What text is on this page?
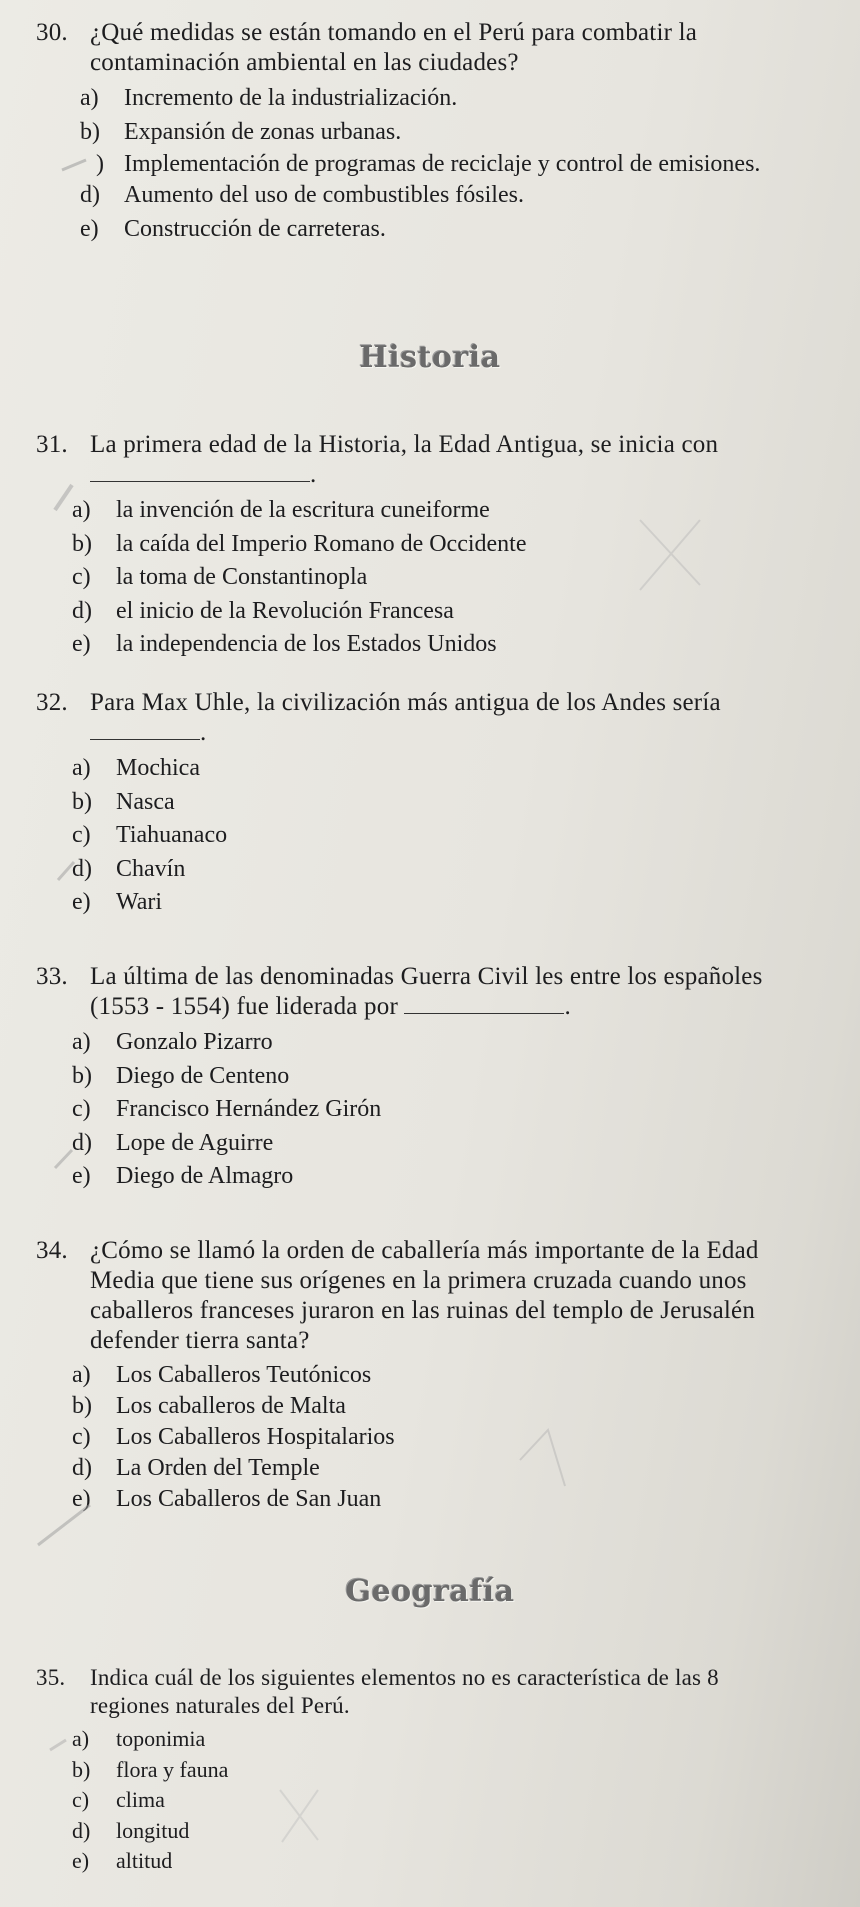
30. ¿Qué medidas se están tomando en el Perú para combatir la contaminación ambiental en las ciudades?
a) Incremento de la industrialización.
b) Expansión de zonas urbanas.
) Implementación de programas de reciclaje y control de emisiones.
d) Aumento del uso de combustibles fósiles.
e) Construcción de carreteras.
Historia
31. La primera edad de la Historia, la Edad Antigua, se inicia con .
a) la invención de la escritura cuneiforme
b) la caída del Imperio Romano de Occidente
c) la toma de Constantinopla
d) el inicio de la Revolución Francesa
e) la independencia de los Estados Unidos
32. Para Max Uhle, la civilización más antigua de los Andes sería .
a) Mochica
b) Nasca
c) Tiahuanaco
d) Chavín
e) Wari
33. La última de las denominadas Guerra Civil les entre los españoles (1553 - 1554) fue liderada por	.
a) Gonzalo Pizarro
b) Diego de Centeno
c) Francisco Hernández Girón
d) Lope de Aguirre
e) Diego de Almagro
34. ¿Cómo se llamó la orden de caballería más importante de la Edad Media que tiene sus orígenes en la primera cruzada cuando unos caballeros franceses juraron en las ruinas del templo de Jerusalén defender tierra santa?
a) Los Caballeros Teutónicos
b) Los caballeros de Malta
c) Los Caballeros Hospitalarios
d) La Orden del Temple
e) Los Caballeros de San Juan
Geografía
35. Indica cuál de los siguientes elementos no es característica de las 8 regiones naturales del Perú.
a) toponimia
b) flora y fauna
c) clima
d) longitud
e) altitud
